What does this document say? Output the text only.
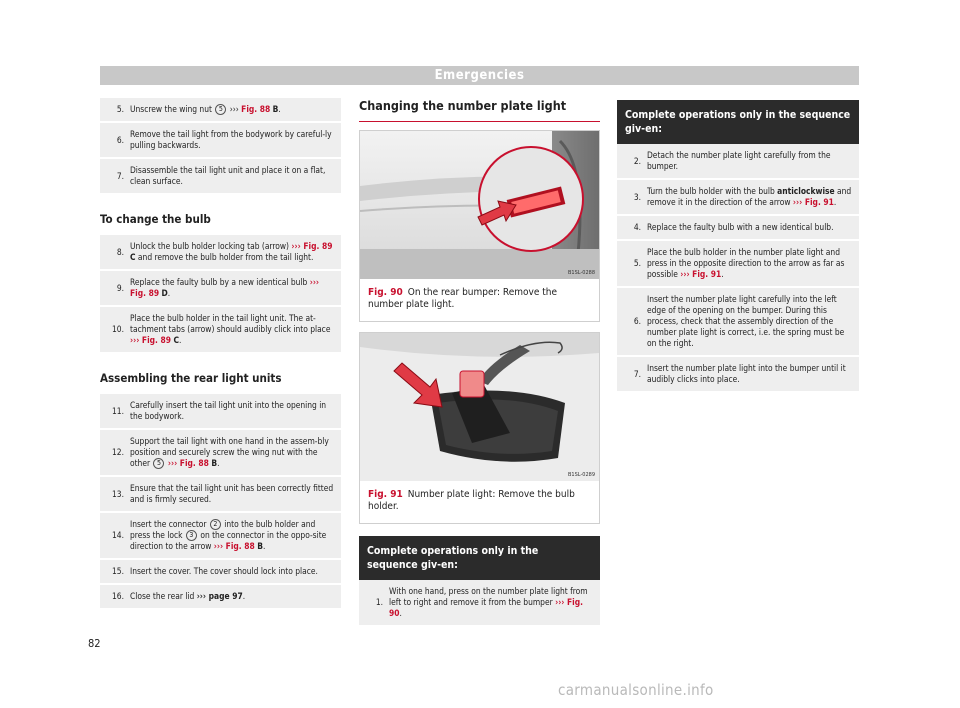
Emergencies
5.	Unscrew the wing nut 5 ››› Fig. 88 B.
6.	Remove the tail light from the bodywork by careful-ly pulling backwards.
7.	Disassemble the tail light unit and place it on a flat, clean surface.
To change the bulb
8.	Unlock the bulb holder locking tab (arrow) ››› Fig. 89 C and remove the bulb holder from the tail light.
9.	Replace the faulty bulb by a new identical bulb ››› Fig. 89 D.
10.	Place the bulb holder in the tail light unit. The at-tachment tabs (arrow) should audibly click into place ››› Fig. 89 C.
Assembling the rear light units
11.	Carefully insert the tail light unit into the opening in the bodywork.
12.	Support the tail light with one hand in the assem-bly position and securely screw the wing nut with the other 5 ››› Fig. 88 B.
13.	Ensure that the tail light unit has been correctly fitted and is firmly secured.
14.	Insert the connector 2 into the bulb holder and press the lock 3 on the connector in the oppo-site direction to the arrow ››› Fig. 88 B.
15.	Insert the cover. The cover should lock into place.
16.	Close the rear lid ››› page 97.
Changing the number plate light
B1SL-0288
Fig. 90 On the rear bumper: Remove the number plate light.
B1SL-0289
Fig. 91 Number plate light: Remove the bulb holder.
Complete operations only in the sequence giv-en:
1.	With one hand, press on the number plate light from left to right and remove it from the bumper ››› Fig. 90.
Complete operations only in the sequence giv-en:
2.	Detach the number plate light carefully from the bumper.
3.	Turn the bulb holder with the bulb anticlockwise and remove it in the direction of the arrow ››› Fig. 91.
4.	Replace the faulty bulb with a new identical bulb.
5.	Place the bulb holder in the number plate light and press in the opposite direction to the arrow as far as possible ››› Fig. 91.
6.	Insert the number plate light carefully into the left edge of the opening on the bumper. During this process, check that the assembly direction of the number plate light is correct, i.e. the spring must be on the right.
7.	Insert the number plate light into the bumper until it audibly clicks into place.
82
carmanualsonline.info
